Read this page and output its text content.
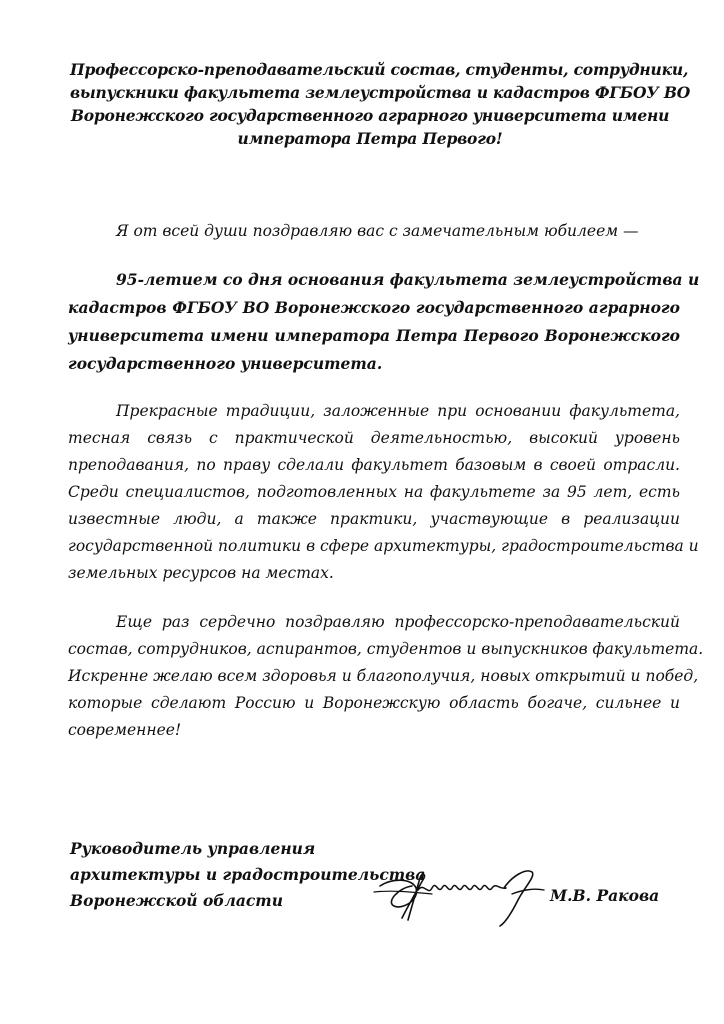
Профессорско-преподавательский состав, студенты, сотрудники,
выпускники факультета землеустройства и кадастров ФГБОУ ВО
Воронежского государственного аграрного университета имени
императора Петра Первого!
Я от всей души поздравляю вас с замечательным юбилеем —
95-летием со дня основания факультета землеустройства и
кадастров ФГБОУ ВО Воронежского государственного аграрного
университета имени императора Петра Первого Воронежского
государственного университета.
Прекрасные традиции, заложенные при основании факультета,
тесная связь с практической деятельностью, высокий уровень
преподавания, по праву сделали факультет базовым в своей отрасли.
Среди специалистов, подготовленных на факультете за 95 лет, есть
известные люди, а также практики, участвующие в реализации
государственной политики в сфере архитектуры, градостроительства и
земельных ресурсов на местах.
Еще раз сердечно поздравляю профессорско-преподавательский
состав, сотрудников, аспирантов, студентов и выпускников факультета.
Искренне желаю всем здоровья и благополучия, новых открытий и побед,
которые сделают Россию и Воронежскую область богаче, сильнее и
современнее!
Руководитель управления
архитектуры и градостроительства
Воронежской области	М.В. Ракова
